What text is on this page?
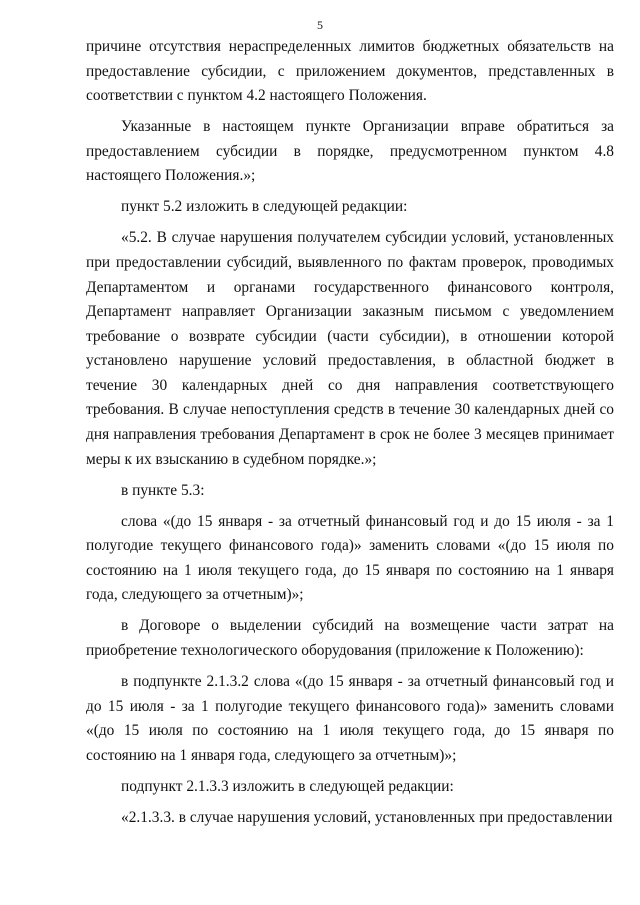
5

причине отсутствия нераспределенных лимитов бюджетных обязательств на предоставление субсидии, с приложением документов, представленных в соответствии с пунктом 4.2 настоящего Положения.

Указанные в настоящем пункте Организации вправе обратиться за предоставлением субсидии в порядке, предусмотренном пунктом 4.8 настоящего Положения.»;

пункт 5.2 изложить в следующей редакции:

«5.2. В случае нарушения получателем субсидии условий, установленных при предоставлении субсидий, выявленного по фактам проверок, проводимых Департаментом и органами государственного финансового контроля, Департамент направляет Организации заказным письмом с уведомлением требование о возврате субсидии (части субсидии), в отношении которой установлено нарушение условий предоставления, в областной бюджет в течение 30 календарных дней со дня направления соответствующего требования. В случае непоступления средств в течение 30 календарных дней со дня направления требования Департамент в срок не более 3 месяцев принимает меры к их взысканию в судебном порядке.»;

в пункте 5.3:

слова «(до 15 января - за отчетный финансовый год и до 15 июля - за 1 полугодие текущего финансового года)» заменить словами «(до 15 июля по состоянию на 1 июля текущего года, до 15 января по состоянию на 1 января года, следующего за отчетным)»;

в Договоре о выделении субсидий на возмещение части затрат на приобретение технологического оборудования (приложение к Положению):

в подпункте 2.1.3.2 слова «(до 15 января - за отчетный финансовый год и до 15 июля - за 1 полугодие текущего финансового года)» заменить словами «(до 15 июля по состоянию на 1 июля текущего года, до 15 января по состоянию на 1 января года, следующего за отчетным)»;

подпункт 2.1.3.3 изложить в следующей редакции:

«2.1.3.3. в случае нарушения условий, установленных при предоставлении
